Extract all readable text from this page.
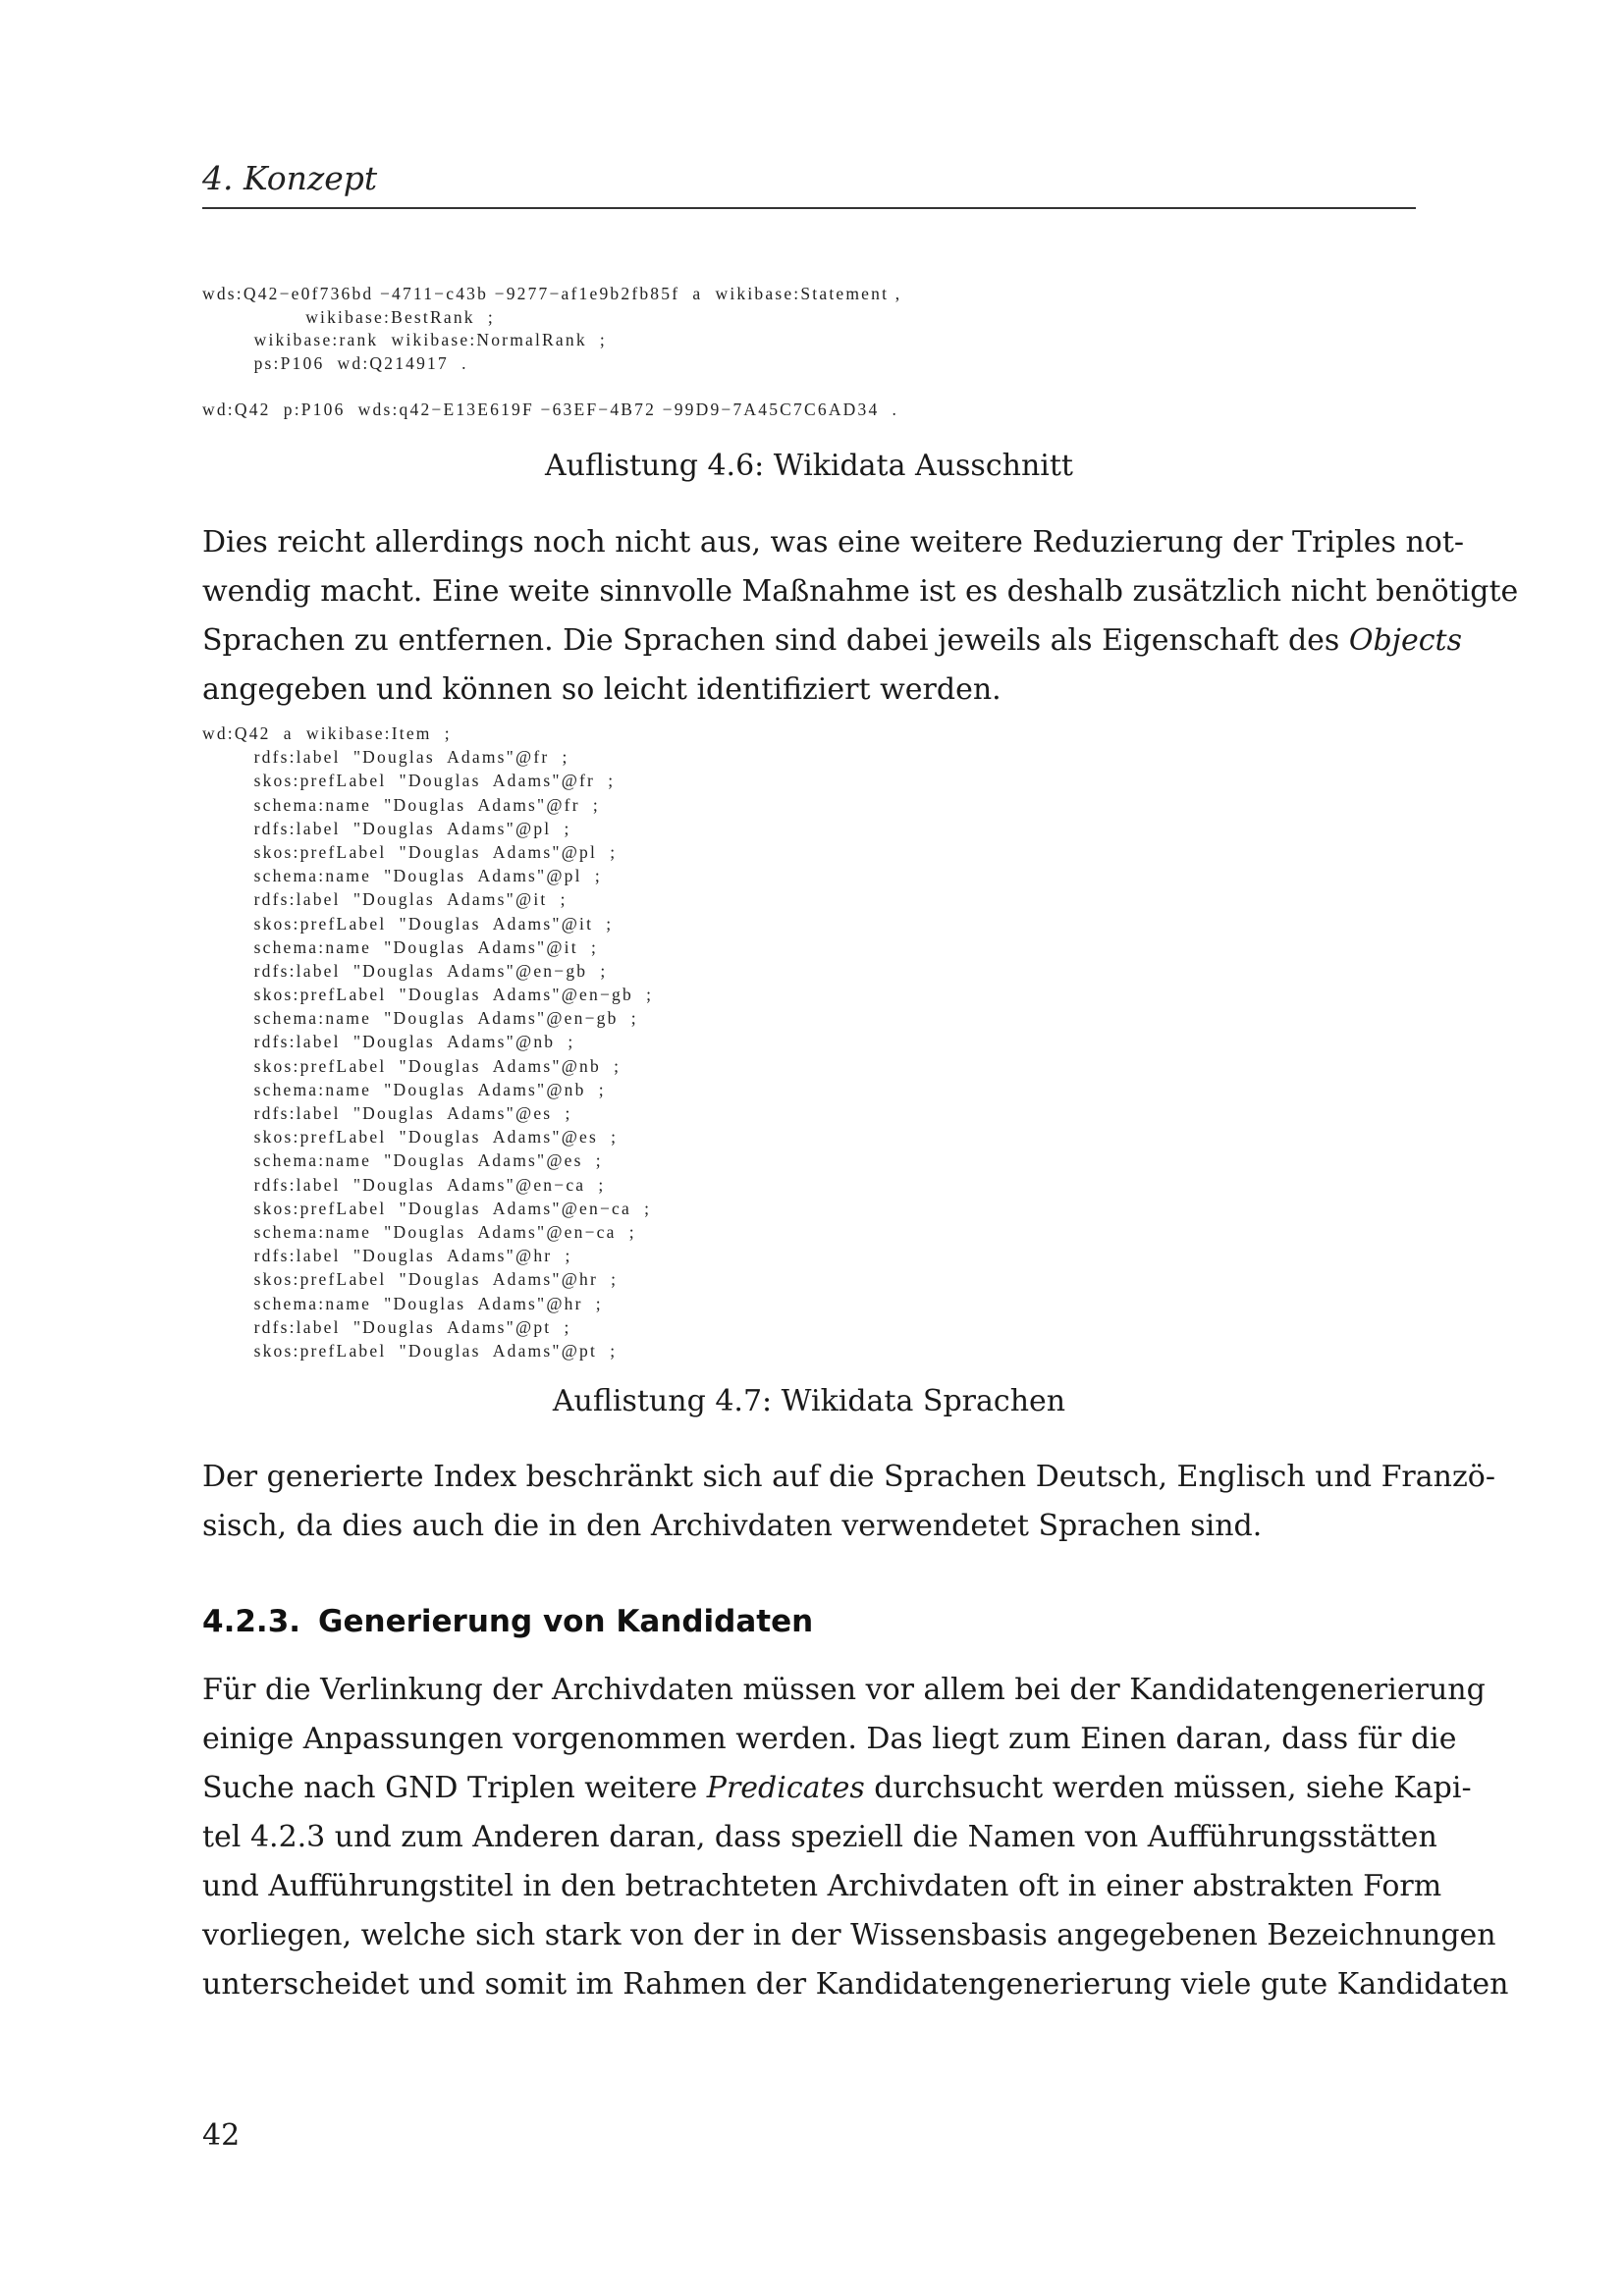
4. Konzept
wds:Q42−e0f736bd −4711−c43b −9277−af1e9b2fb85f  a  wikibase:Statement ,
wikibase:BestRank  ;
wikibase:rank  wikibase:NormalRank  ;
ps:P106  wd:Q214917  .
wd:Q42  p:P106  wds:q42−E13E619F −63EF−4B72 −99D9−7A45C7C6AD34  .
Auflistung 4.6: Wikidata Ausschnitt
Dies reicht allerdings noch nicht aus, was eine weitere Reduzierung der Triples not-
wendig macht. Eine weite sinnvolle Maßnahme ist es deshalb zusätzlich nicht benötigte
Sprachen zu entfernen. Die Sprachen sind dabei jeweils als Eigenschaft des Objects
angegeben und können so leicht identifiziert werden.
wd:Q42  a  wikibase:Item  ;
rdfs:label  "Douglas  Adams"@fr  ;
skos:prefLabel  "Douglas  Adams"@fr  ;
schema:name  "Douglas  Adams"@fr  ;
rdfs:label  "Douglas  Adams"@pl  ;
skos:prefLabel  "Douglas  Adams"@pl  ;
schema:name  "Douglas  Adams"@pl  ;
rdfs:label  "Douglas  Adams"@it  ;
skos:prefLabel  "Douglas  Adams"@it  ;
schema:name  "Douglas  Adams"@it  ;
rdfs:label  "Douglas  Adams"@en−gb  ;
skos:prefLabel  "Douglas  Adams"@en−gb  ;
schema:name  "Douglas  Adams"@en−gb  ;
rdfs:label  "Douglas  Adams"@nb  ;
skos:prefLabel  "Douglas  Adams"@nb  ;
schema:name  "Douglas  Adams"@nb  ;
rdfs:label  "Douglas  Adams"@es  ;
skos:prefLabel  "Douglas  Adams"@es  ;
schema:name  "Douglas  Adams"@es  ;
rdfs:label  "Douglas  Adams"@en−ca  ;
skos:prefLabel  "Douglas  Adams"@en−ca  ;
schema:name  "Douglas  Adams"@en−ca  ;
rdfs:label  "Douglas  Adams"@hr  ;
skos:prefLabel  "Douglas  Adams"@hr  ;
schema:name  "Douglas  Adams"@hr  ;
rdfs:label  "Douglas  Adams"@pt  ;
skos:prefLabel  "Douglas  Adams"@pt  ;
Auflistung 4.7: Wikidata Sprachen
Der generierte Index beschränkt sich auf die Sprachen Deutsch, Englisch und Franzö-
sisch, da dies auch die in den Archivdaten verwendetet Sprachen sind.
4.2.3. Generierung von Kandidaten
Für die Verlinkung der Archivdaten müssen vor allem bei der Kandidatengenerierung
einige Anpassungen vorgenommen werden. Das liegt zum Einen daran, dass für die
Suche nach GND Triplen weitere Predicates durchsucht werden müssen, siehe Kapi-
tel 4.2.3 und zum Anderen daran, dass speziell die Namen von Aufführungsstätten
und Aufführungstitel in den betrachteten Archivdaten oft in einer abstrakten Form
vorliegen, welche sich stark von der in der Wissensbasis angegebenen Bezeichnungen
unterscheidet und somit im Rahmen der Kandidatengenerierung viele gute Kandidaten
42
